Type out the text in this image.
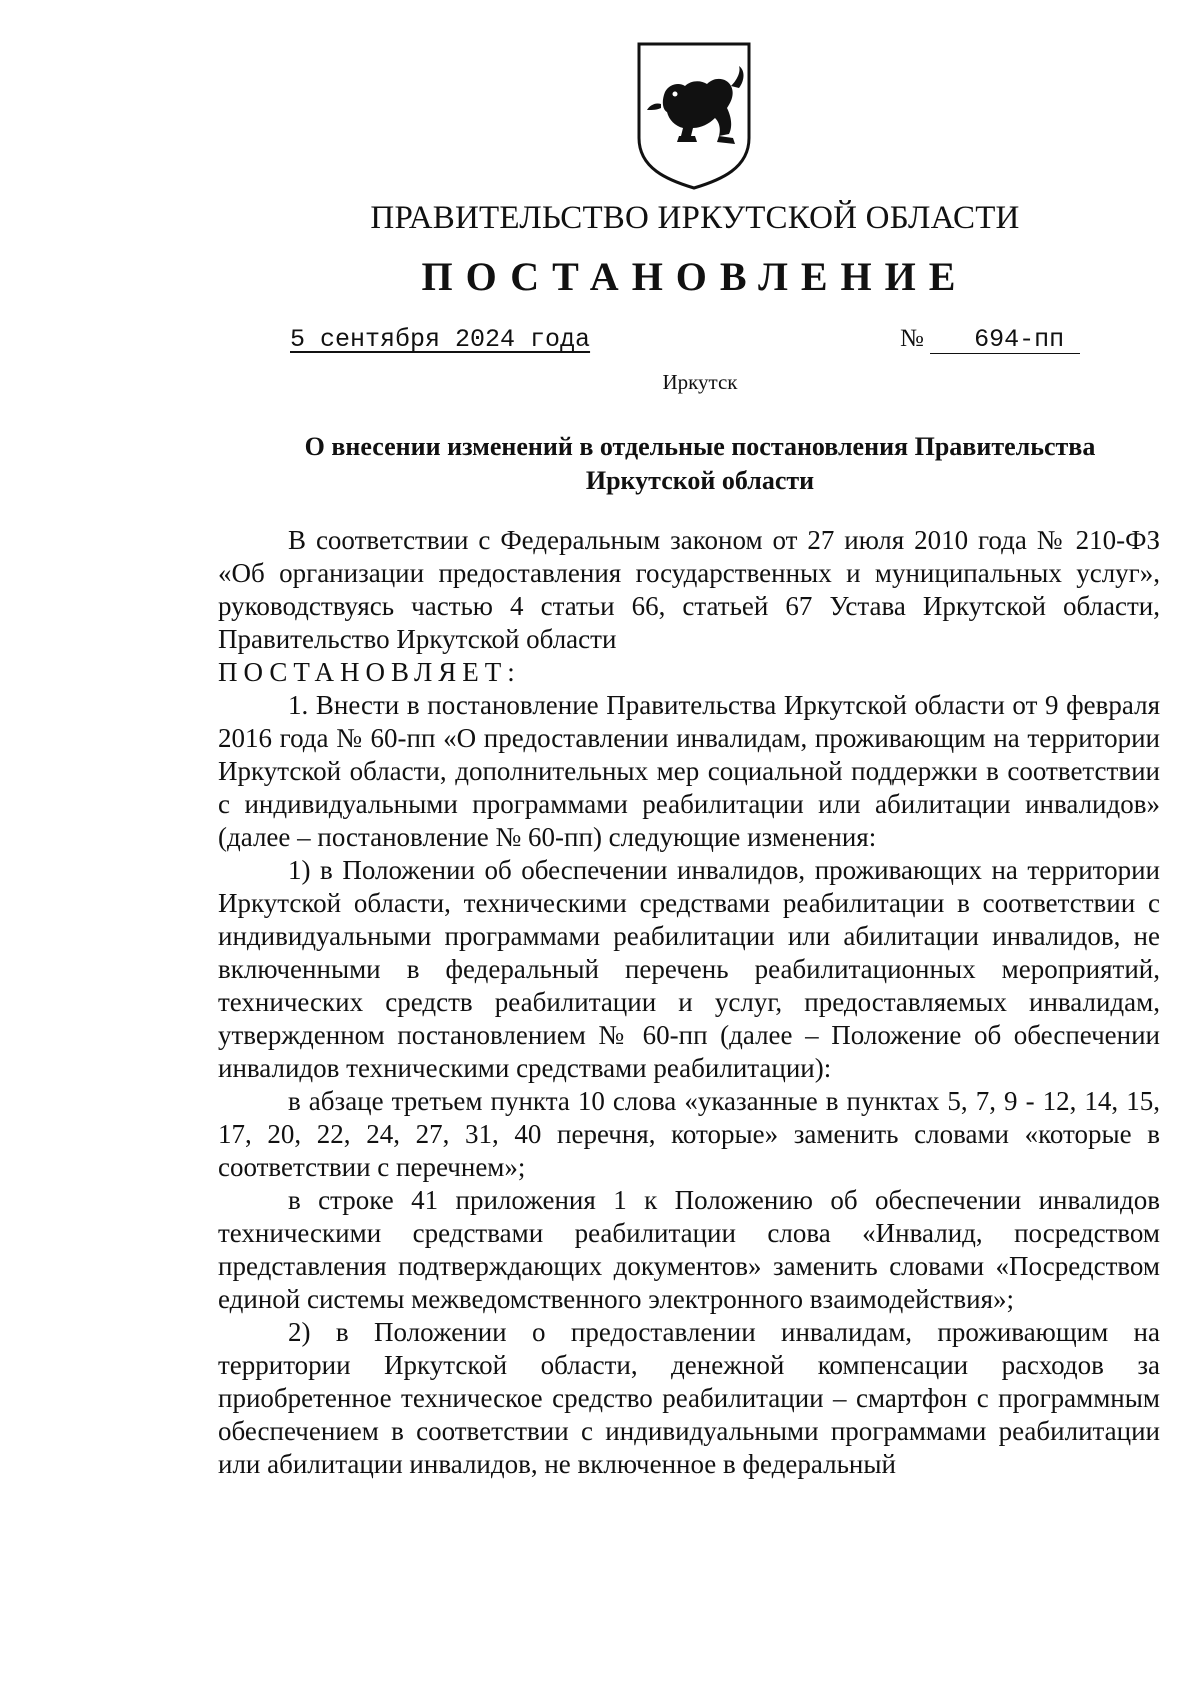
ПРАВИТЕЛЬСТВО ИРКУТСКОЙ ОБЛАСТИ
ПОСТАНОВЛЕНИЕ
5 сентября 2024 года	№ 694-пп
Иркутск
О внесении изменений в отдельные постановления Правительства
Иркутской области

В соответствии с Федеральным законом от 27 июля 2010 года № 210-ФЗ «Об организации предоставления государственных и муниципальных услуг», руководствуясь частью 4 статьи 66, статьей 67 Устава Иркутской области, Правительство Иркутской области

ПОСТАНОВЛЯЕТ:

1. Внести в постановление Правительства Иркутской области от 9 февраля 2016 года № 60-пп «О предоставлении инвалидам, проживающим на территории Иркутской области, дополнительных мер социальной поддержки в соответствии с индивидуальными программами реабилитации или абилитации инвалидов» (далее – постановление № 60-пп) следующие изменения:

1) в Положении об обеспечении инвалидов, проживающих на территории Иркутской области, техническими средствами реабилитации в соответствии с индивидуальными программами реабилитации или абилитации инвалидов, не включенными в федеральный перечень реабилитационных мероприятий, технических средств реабилитации и услуг, предоставляемых инвалидам, утвержденном постановлением № 60-пп (далее – Положение об обеспечении инвалидов техническими средствами реабилитации):

в абзаце третьем пункта 10 слова «указанные в пунктах 5, 7, 9 - 12, 14, 15, 17, 20, 22, 24, 27, 31, 40 перечня, которые» заменить словами «которые в соответствии с перечнем»;

в строке 41 приложения 1 к Положению об обеспечении инвалидов техническими средствами реабилитации слова «Инвалид, посредством представления подтверждающих документов» заменить словами «Посредством единой системы межведомственного электронного взаимодействия»;

2) в Положении о предоставлении инвалидам, проживающим на территории Иркутской области, денежной компенсации расходов за приобретенное техническое средство реабилитации – смартфон с программным обеспечением в соответствии с индивидуальными программами реабилитации или абилитации инвалидов, не включенное в федеральный
